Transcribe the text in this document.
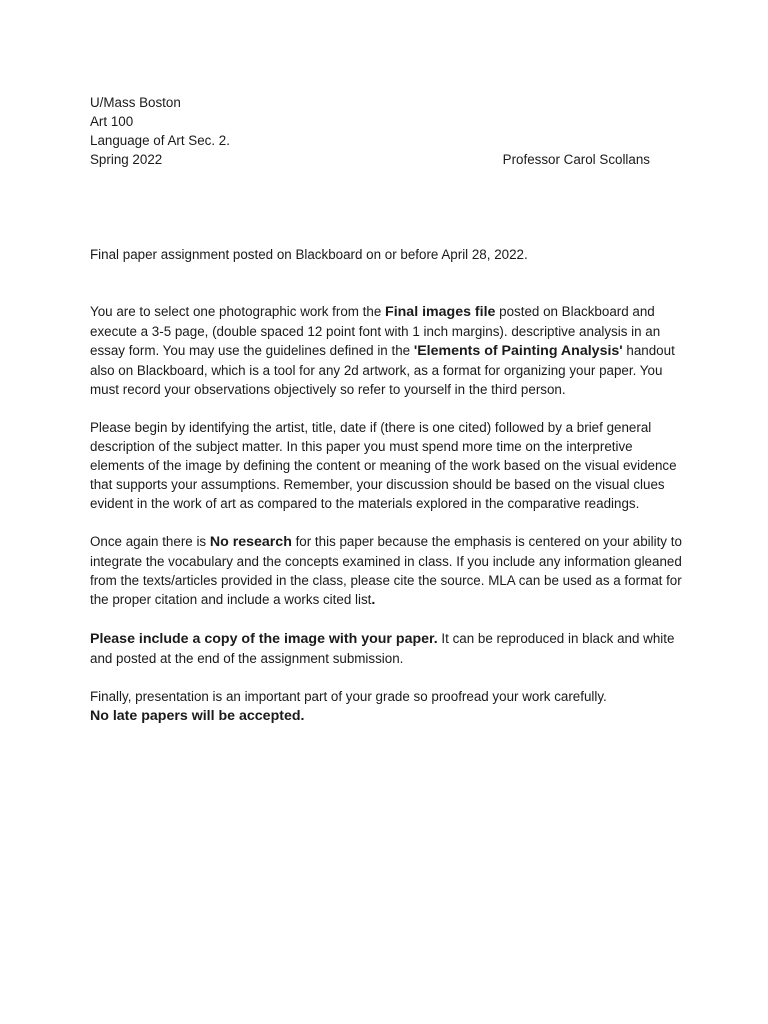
U/Mass Boston
Art 100
Language of Art Sec. 2.
Spring 2022	Professor Carol Scollans

Final paper assignment posted on Blackboard on or before April 28, 2022.

You are to select one photographic work from the Final images file posted on Blackboard and execute a 3-5 page, (double spaced 12 point font with 1 inch margins). descriptive analysis in an essay form. You may use the guidelines defined in the 'Elements of Painting Analysis' handout also on Blackboard, which is a tool for any 2d artwork, as a format for organizing your paper. You must record your observations objectively so refer to yourself in the third person.

Please begin by identifying the artist, title, date if (there is one cited) followed by a brief general description of the subject matter. In this paper you must spend more time on the interpretive elements of the image by defining the content or meaning of the work based on the visual evidence that supports your assumptions. Remember, your discussion should be based on the visual clues evident in the work of art as compared to the materials explored in the comparative readings.

Once again there is No research for this paper because the emphasis is centered on your ability to integrate the vocabulary and the concepts examined in class. If you include any information gleaned from the texts/articles provided in the class, please cite the source. MLA can be used as a format for the proper citation and include a works cited list.

Please include a copy of the image with your paper. It can be reproduced in black and white and posted at the end of the assignment submission.

Finally, presentation is an important part of your grade so proofread your work carefully.
No late papers will be accepted.
